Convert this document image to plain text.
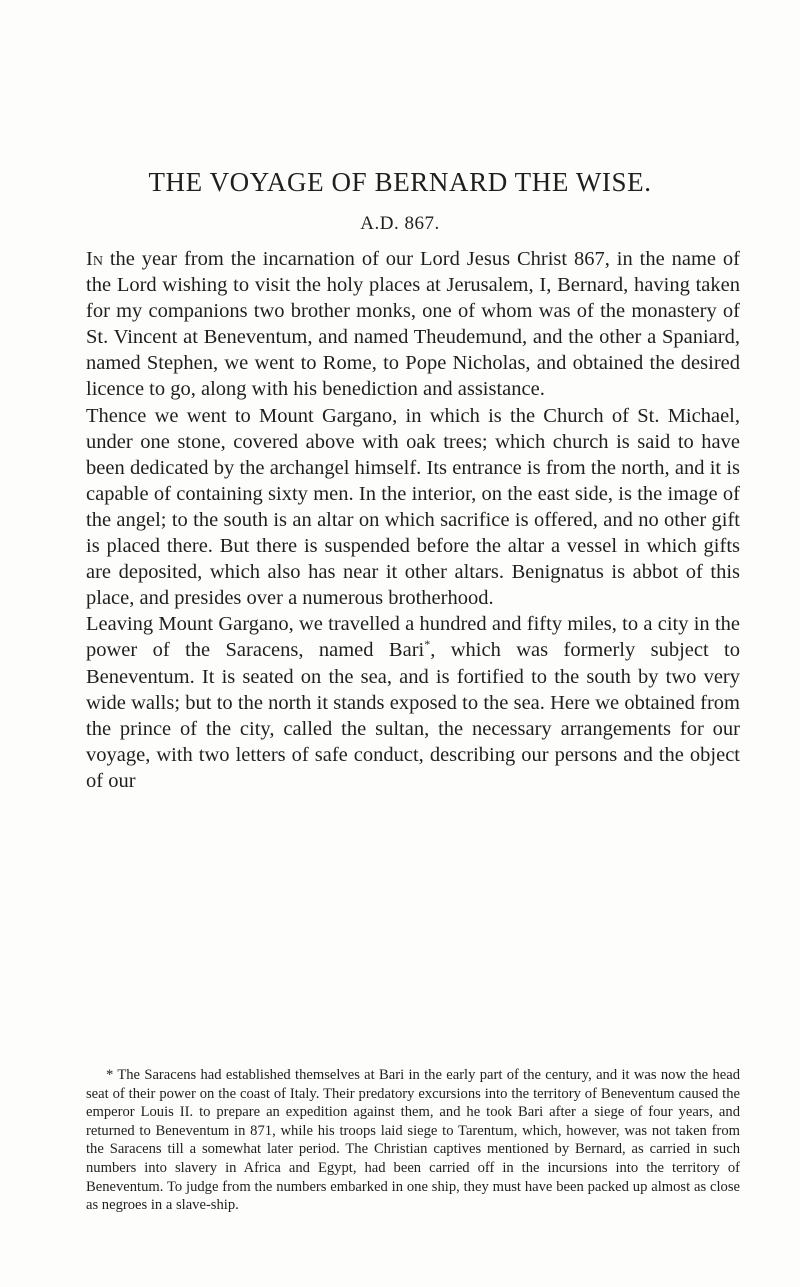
THE VOYAGE OF BERNARD THE WISE.

A.D. 867.

In the year from the incarnation of our Lord Jesus Christ 867, in the name of the Lord wishing to visit the holy places at Jerusalem, I, Bernard, having taken for my companions two brother monks, one of whom was of the monastery of St. Vincent at Beneventum, and named Theudemund, and the other a Spaniard, named Stephen, we went to Rome, to Pope Nicholas, and obtained the desired licence to go, along with his benediction and assistance.

Thence we went to Mount Gargano, in which is the Church of St. Michael, under one stone, covered above with oak trees; which church is said to have been dedicated by the archangel himself. Its entrance is from the north, and it is capable of containing sixty men. In the interior, on the east side, is the image of the angel; to the south is an altar on which sacrifice is offered, and no other gift is placed there. But there is suspended before the altar a vessel in which gifts are deposited, which also has near it other altars. Benignatus is abbot of this place, and presides over a numerous brotherhood.

Leaving Mount Gargano, we travelled a hundred and fifty miles, to a city in the power of the Saracens, named Bari*, which was formerly subject to Beneventum. It is seated on the sea, and is fortified to the south by two very wide walls; but to the north it stands exposed to the sea. Here we obtained from the prince of the city, called the sultan, the necessary arrangements for our voyage, with two letters of safe conduct, describing our persons and the object of our

* The Saracens had established themselves at Bari in the early part of the century, and it was now the head seat of their power on the coast of Italy. Their predatory excursions into the territory of Beneventum caused the emperor Louis II. to prepare an expedition against them, and he took Bari after a siege of four years, and returned to Beneventum in 871, while his troops laid siege to Tarentum, which, however, was not taken from the Saracens till a somewhat later period. The Christian captives mentioned by Bernard, as carried in such numbers into slavery in Africa and Egypt, had been carried off in the incursions into the territory of Beneventum. To judge from the numbers embarked in one ship, they must have been packed up almost as close as negroes in a slave-ship.
